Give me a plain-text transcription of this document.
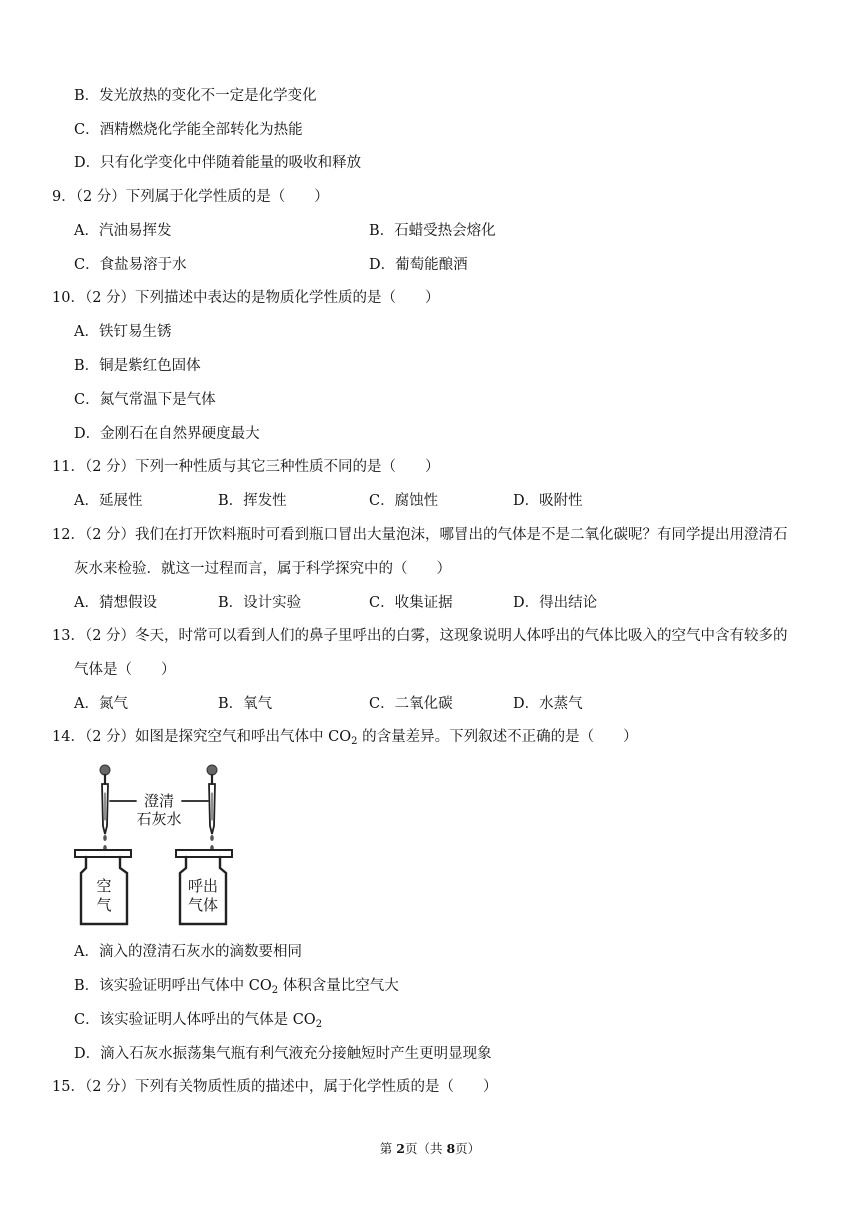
B．发光放热的变化不一定是化学变化
C．酒精燃烧化学能全部转化为热能
D．只有化学变化中伴随着能量的吸收和释放
9．（2 分）下列属于化学性质的是（　　）
A．汽油易挥发	B．石蜡受热会熔化
C．食盐易溶于水	D．葡萄能酿酒
10．（2 分）下列描述中表达的是物质化学性质的是（　　）
A．铁钉易生锈
B．铜是紫红色固体
C．氮气常温下是气体
D．金刚石在自然界硬度最大
11．（2 分）下列一种性质与其它三种性质不同的是（　　）
A．延展性	B．挥发性	C．腐蚀性	D．吸附性
12．（2 分）我们在打开饮料瓶时可看到瓶口冒出大量泡沫，哪冒出的气体是不是二氧化碳呢？有同学提出用澄清石
灰水来检验．就这一过程而言，属于科学探究中的（　　）
A．猜想假设	B．设计实验	C．收集证据	D．得出结论
13．（2 分）冬天，时常可以看到人们的鼻子里呼出的白雾，这现象说明人体呼出的气体比吸入的空气中含有较多的
气体是（　　）
A．氮气	B．氧气	C．二氧化碳	D．水蒸气
14．（2 分）如图是探究空气和呼出气体中 $CO_2$ 的含量差异。下列叙述不正确的是（　　）
澄清
石灰水
空
气
呼出
气体
A．滴入的澄清石灰水的滴数要相同
B．该实验证明呼出气体中 $CO_2$ 体积含量比空气大
C．该实验证明人体呼出的气体是 $CO_2$
D．滴入石灰水振荡集气瓶有利气液充分接触短时产生更明显现象
15．（2 分）下列有关物质性质的描述中，属于化学性质的是（　　）
第 2页（共 8页）
